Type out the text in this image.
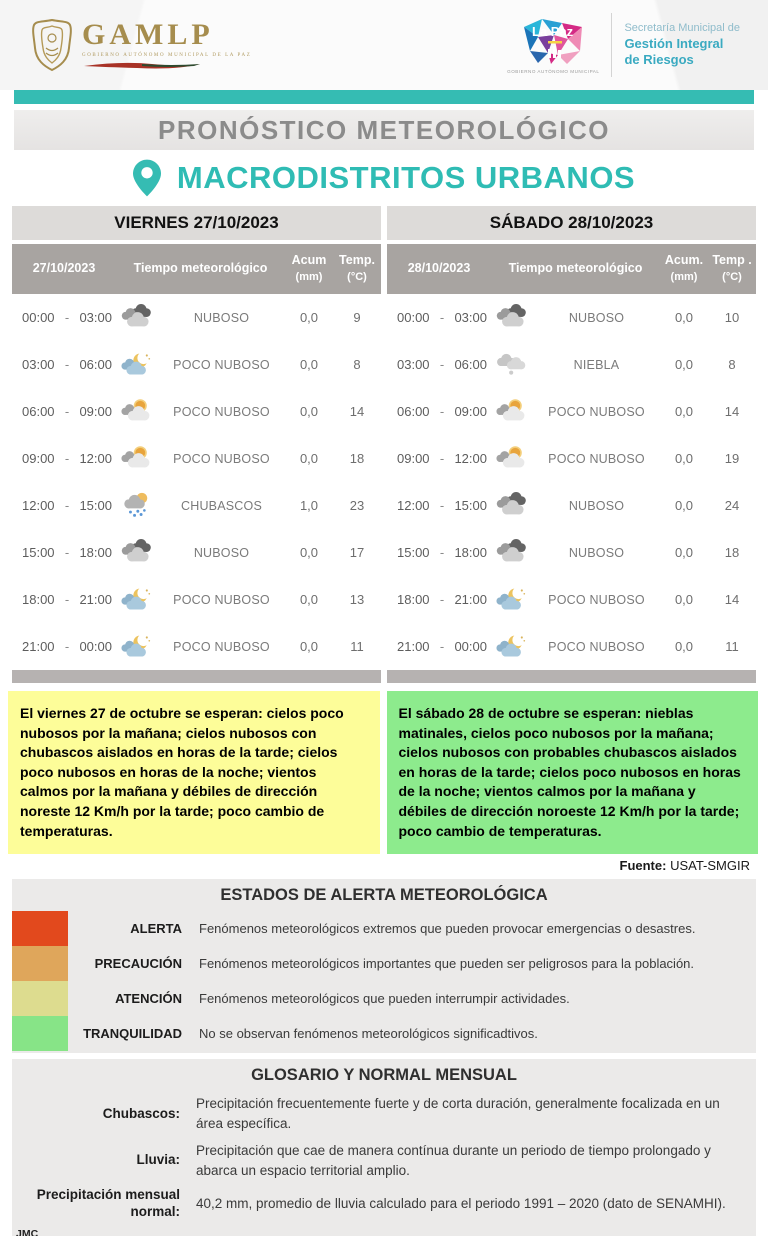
GAMLP
GOBIERNO AUTÓNOMO MUNICIPAL DE LA PAZ
La Paz
GOBIERNO AUTÓNOMO MUNICIPAL
Secretaría Municipal de
Gestión Integral
de Riesgos
PRONÓSTICO METEOROLÓGICO
MACRODISTRITOS URBANOS
VIERNES 27/10/2023
27/10/2023	Tiempo meteorológico
Acum
(mm)
Temp.
(°C)
00:00 - 03:00	NUBOSO	0,0	9
03:00 - 06:00	POCO NUBOSO	0,0	8
06:00 - 09:00	POCO NUBOSO	0,0	14
09:00 - 12:00	POCO NUBOSO	0,0	18
12:00 - 15:00	CHUBASCOS	1,0	23
15:00 - 18:00	NUBOSO	0,0	17
18:00 - 21:00	POCO NUBOSO	0,0	13
21:00 - 00:00	POCO NUBOSO	0,0	11
SÁBADO 28/10/2023
28/10/2023	Tiempo meteorológico
Acum.
(mm)
Temp .
(°C)
00:00 - 03:00	NUBOSO	0,0	10
03:00 - 06:00	NIEBLA	0,0	8
06:00 - 09:00	POCO NUBOSO	0,0	14
09:00 - 12:00	POCO NUBOSO	0,0	19
12:00 - 15:00	NUBOSO	0,0	24
15:00 - 18:00	NUBOSO	0,0	18
18:00 - 21:00	POCO NUBOSO	0,0	14
21:00 - 00:00	POCO NUBOSO	0,0	11
El viernes 27 de octubre se esperan: cielos poco nubosos por la mañana; cielos nubosos con chubascos aislados en horas de la tarde; cielos poco nubosos en horas de la noche; vientos calmos por la mañana y débiles de dirección noreste 12 Km/h por la tarde; poco cambio de temperaturas.
El sábado 28 de octubre se esperan: nieblas matinales, cielos poco nubosos por la mañana; cielos nubosos con probables chubascos aislados en horas de la tarde; cielos poco nubosos en horas de la noche; vientos calmos por la mañana y débiles de dirección noroeste 12 Km/h por la tarde; poco cambio de temperaturas.
Fuente: USAT-SMGIR
ESTADOS DE ALERTA METEOROLÓGICA
ALERTA	Fenómenos meteorológicos extremos que pueden provocar emergencias o desastres.
PRECAUCIÓN	Fenómenos meteorológicos importantes que pueden ser peligrosos para la población.
ATENCIÓN	Fenómenos meteorológicos que pueden interrumpir actividades.
TRANQUILIDAD	No se observan fenómenos meteorológicos significadtivos.
GLOSARIO Y NORMAL MENSUAL
Chubascos:
Precipitación frecuentemente fuerte y de corta duración, generalmente focalizada en un área específica.
Lluvia:
Precipitación que cae de manera contínua durante un periodo de tiempo prolongado y abarca un espacio territorial amplio.
Precipitación mensual normal:
40,2 mm, promedio de lluvia calculado para el periodo 1991 – 2020 (dato de SENAMHI).
JMC
